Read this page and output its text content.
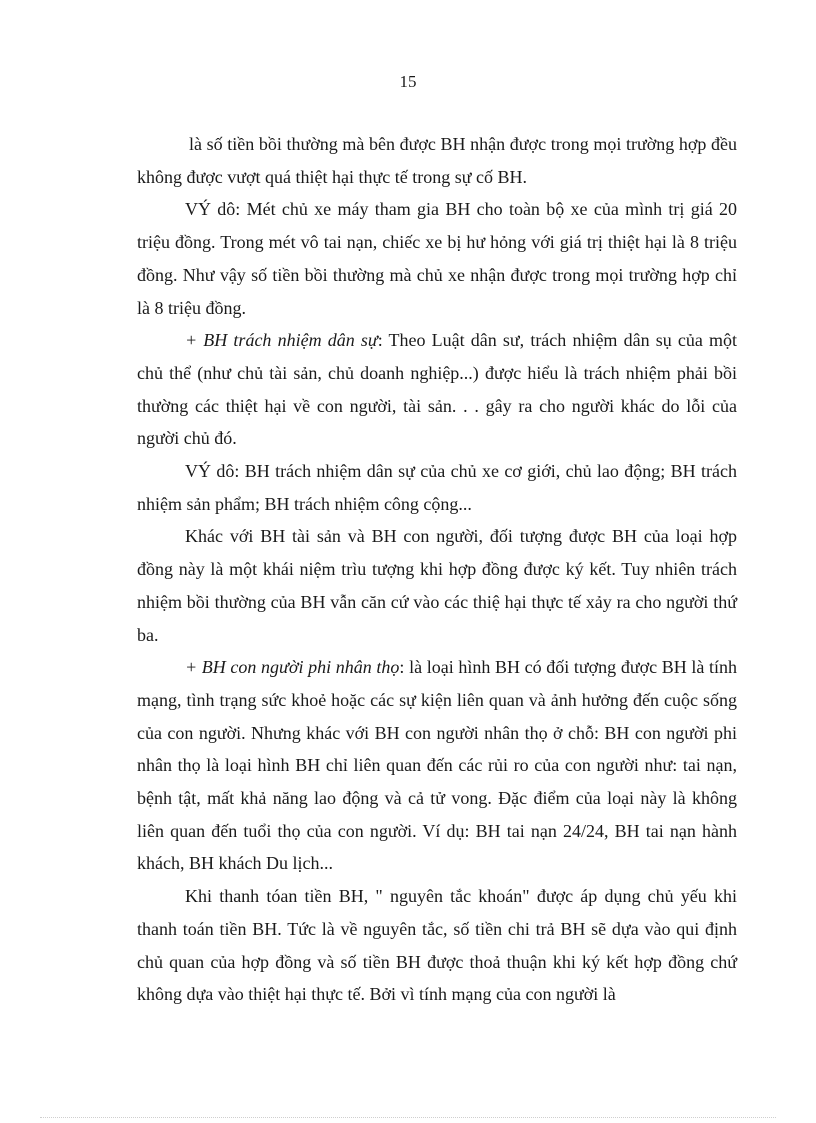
15

là số tiền bồi thường mà bên được BH nhận được trong mọi trường hợp đều không được vượt quá thiệt hại thực tế trong sự cố BH.

VÝ dô: Mét chủ xe máy tham gia BH cho toàn bộ xe của mình trị giá 20 triệu đồng. Trong mét vô tai nạn, chiếc xe bị hư hỏng với giá trị thiệt hại là 8 triệu đồng. Như vậy số tiền bồi thường mà chủ xe nhận được trong mọi trường hợp chỉ là 8 triệu đồng.

+ BH trách nhiệm dân sự: Theo Luật dân sư, trách nhiệm dân sụ của một chủ thể (như chủ tài sản, chủ doanh nghiệp...) được hiểu là trách nhiệm phải bồi thường các thiệt hại về con người, tài sản. . . gây ra cho người khác do lỗi của người chủ đó.

VÝ dô: BH trách nhiệm dân sự của chủ xe cơ giới, chủ lao động; BH trách nhiệm sản phẩm; BH trách nhiệm công cộng...

Khác với BH tài sản và BH con người, đối tượng được BH của loại hợp đồng này là một khái niệm trìu tượng khi hợp đồng được ký kết. Tuy nhiên trách nhiệm bồi thường của BH vẫn căn cứ vào các thiệ hại thực tế xảy ra cho người thứ ba.

+ BH con người phi nhân thọ: là loại hình BH có đối tượng được BH là tính mạng, tình trạng sức khoẻ hoặc các sự kiện liên quan và ảnh hưởng đến cuộc sống của con người. Nhưng khác với BH con người nhân thọ ở chỗ: BH con người phi nhân thọ là loại hình BH chỉ liên quan đến các rủi ro của con người như: tai nạn, bệnh tật, mất khả năng lao động và cả tử vong. Đặc điểm của loại này là không liên quan đến tuổi thọ của con người. Ví dụ: BH tai nạn 24/24, BH tai nạn hành khách, BH khách Du lịch...

Khi thanh tóan tiền BH, " nguyên tắc khoán" được áp dụng chủ yếu khi thanh toán tiền BH. Tức là về nguyên tắc, số tiền chi trả BH sẽ dựa vào qui định chủ quan của hợp đồng và số tiền BH được thoả thuận khi ký kết hợp đồng chứ không dựa vào thiệt hại thực tế. Bởi vì tính mạng của con người là
